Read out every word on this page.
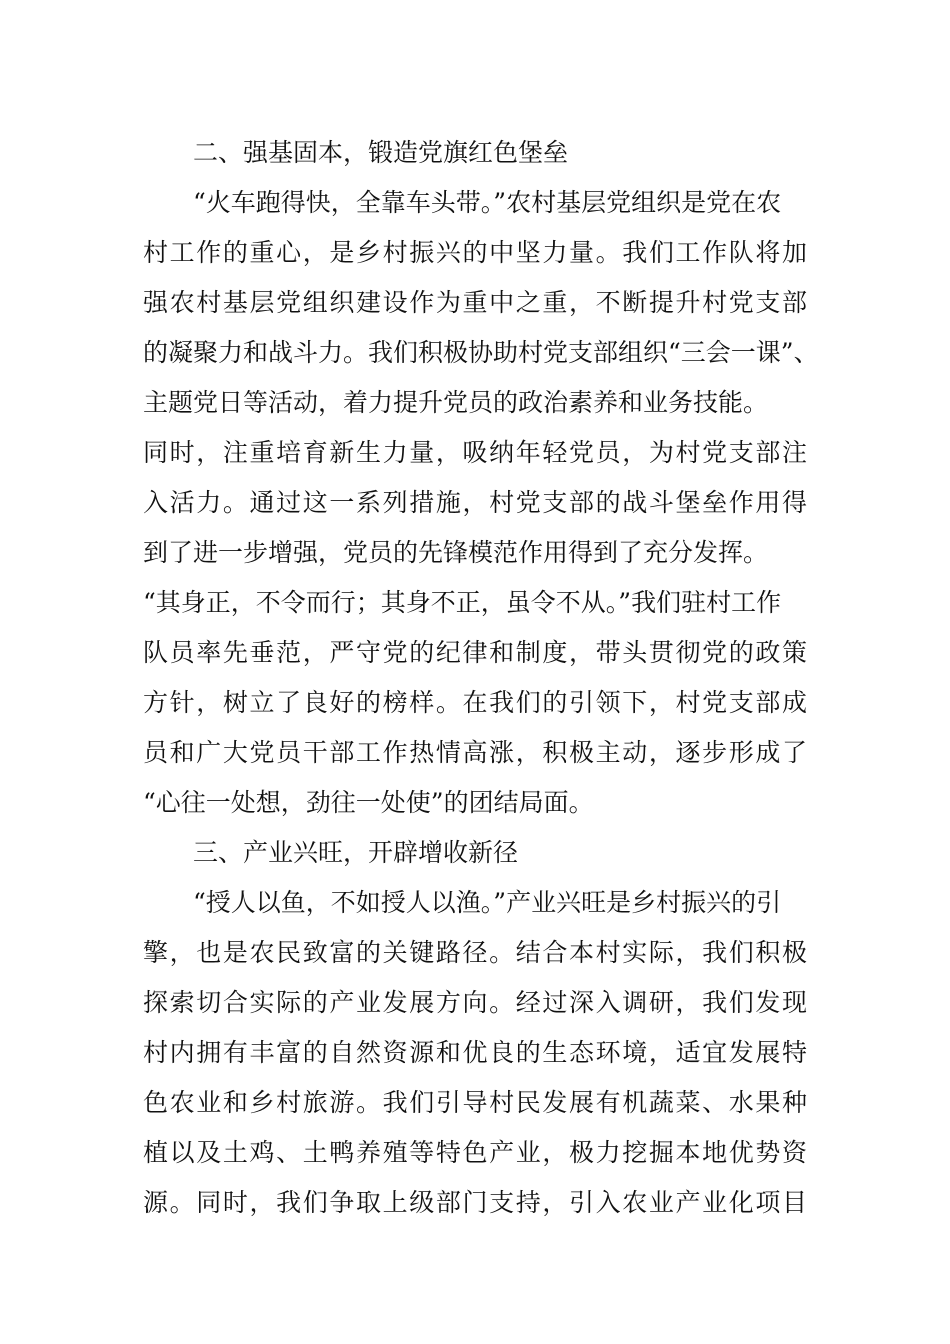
二、强基固本，锻造党旗红色堡垒
“火车跑得快，全靠车头带。”农村基层党组织是党在农
村工作的重心，是乡村振兴的中坚力量。我们工作队将加
强农村基层党组织建设作为重中之重，不断提升村党支部
的凝聚力和战斗力。我们积极协助村党支部组织“三会一课”、
主题党日等活动，着力提升党员的政治素养和业务技能。
同时，注重培育新生力量，吸纳年轻党员，为村党支部注
入活力。通过这一系列措施，村党支部的战斗堡垒作用得
到了进一步增强，党员的先锋模范作用得到了充分发挥。
“其身正，不令而行；其身不正，虽令不从。”我们驻村工作
队员率先垂范，严守党的纪律和制度，带头贯彻党的政策
方针，树立了良好的榜样。在我们的引领下，村党支部成
员和广大党员干部工作热情高涨，积极主动，逐步形成了
“心往一处想，劲往一处使”的团结局面。
三、产业兴旺，开辟增收新径
“授人以鱼，不如授人以渔。”产业兴旺是乡村振兴的引
擎，也是农民致富的关键路径。结合本村实际，我们积极
探索切合实际的产业发展方向。经过深入调研，我们发现
村内拥有丰富的自然资源和优良的生态环境，适宜发展特
色农业和乡村旅游。我们引导村民发展有机蔬菜、水果种
植以及土鸡、土鸭养殖等特色产业，极力挖掘本地优势资
源。同时，我们争取上级部门支持，引入农业产业化项目
